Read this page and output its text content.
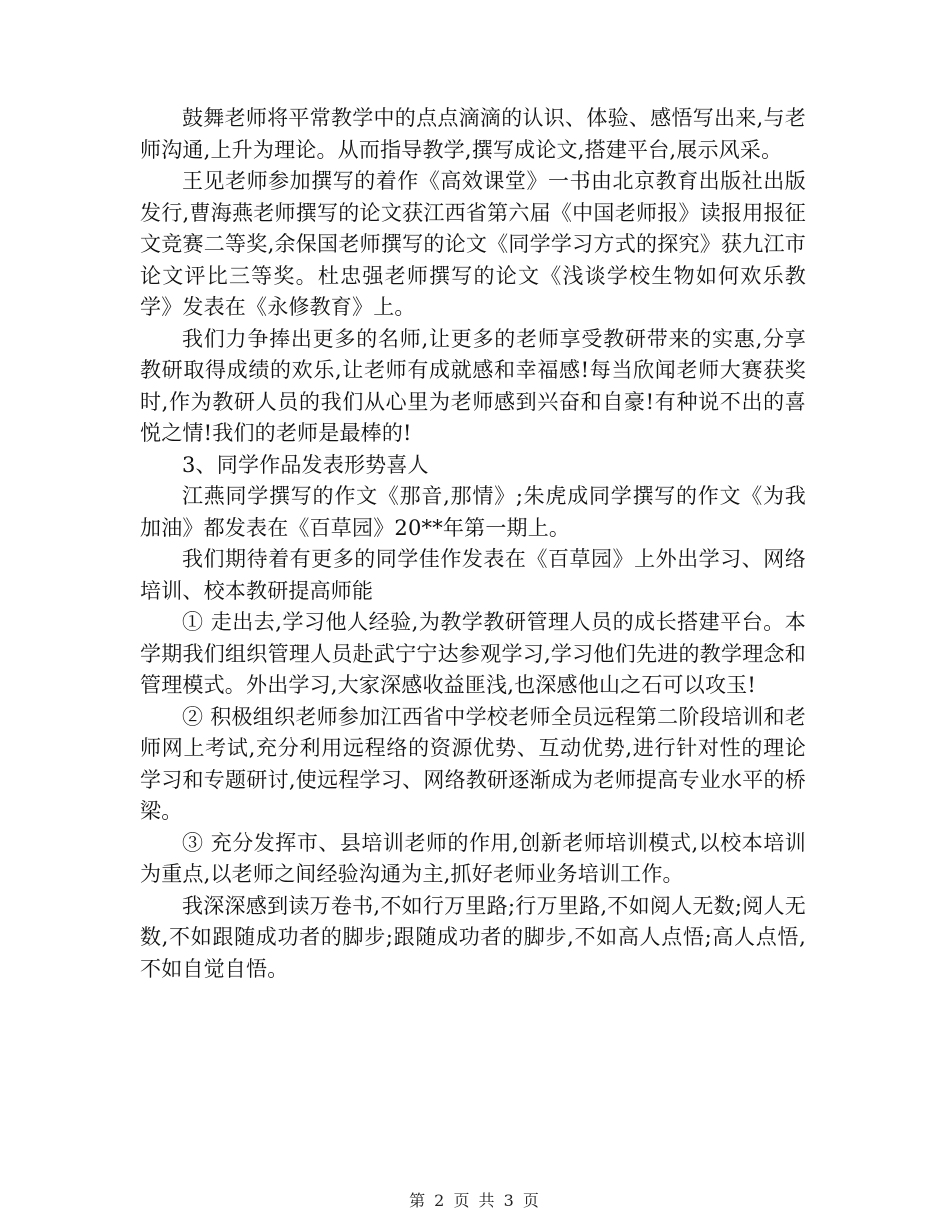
鼓舞老师将平常教学中的点点滴滴的认识、体验、感悟写出来,与老师沟通,上升为理论。从而指导教学,撰写成论文,搭建平台,展示风采。

王见老师参加撰写的着作《高效课堂》一书由北京教育出版社出版发行,曹海燕老师撰写的论文获江西省第六届《中国老师报》读报用报征文竞赛二等奖,余保国老师撰写的论文《同学学习方式的探究》获九江市论文评比三等奖。杜忠强老师撰写的论文《浅谈学校生物如何欢乐教学》发表在《永修教育》上。

我们力争捧出更多的名师,让更多的老师享受教研带来的实惠,分享教研取得成绩的欢乐,让老师有成就感和幸福感!每当欣闻老师大赛获奖时,作为教研人员的我们从心里为老师感到兴奋和自豪!有种说不出的喜悦之情!我们的老师是最棒的!

3、同学作品发表形势喜人

江燕同学撰写的作文《那音,那情》;朱虎成同学撰写的作文《为我加油》都发表在《百草园》20**年第一期上。

我们期待着有更多的同学佳作发表在《百草园》上外出学习、网络培训、校本教研提高师能

① 走出去,学习他人经验,为教学教研管理人员的成长搭建平台。本学期我们组织管理人员赴武宁宁达参观学习,学习他们先进的教学理念和管理模式。外出学习,大家深感收益匪浅,也深感他山之石可以攻玉!

② 积极组织老师参加江西省中学校老师全员远程第二阶段培训和老师网上考试,充分利用远程络的资源优势、互动优势,进行针对性的理论学习和专题研讨,使远程学习、网络教研逐渐成为老师提高专业水平的桥梁。

③ 充分发挥市、县培训老师的作用,创新老师培训模式,以校本培训为重点,以老师之间经验沟通为主,抓好老师业务培训工作。

我深深感到读万卷书,不如行万里路;行万里路,不如阅人无数;阅人无数,不如跟随成功者的脚步;跟随成功者的脚步,不如高人点悟;高人点悟,不如自觉自悟。

第 2 页 共 3 页
